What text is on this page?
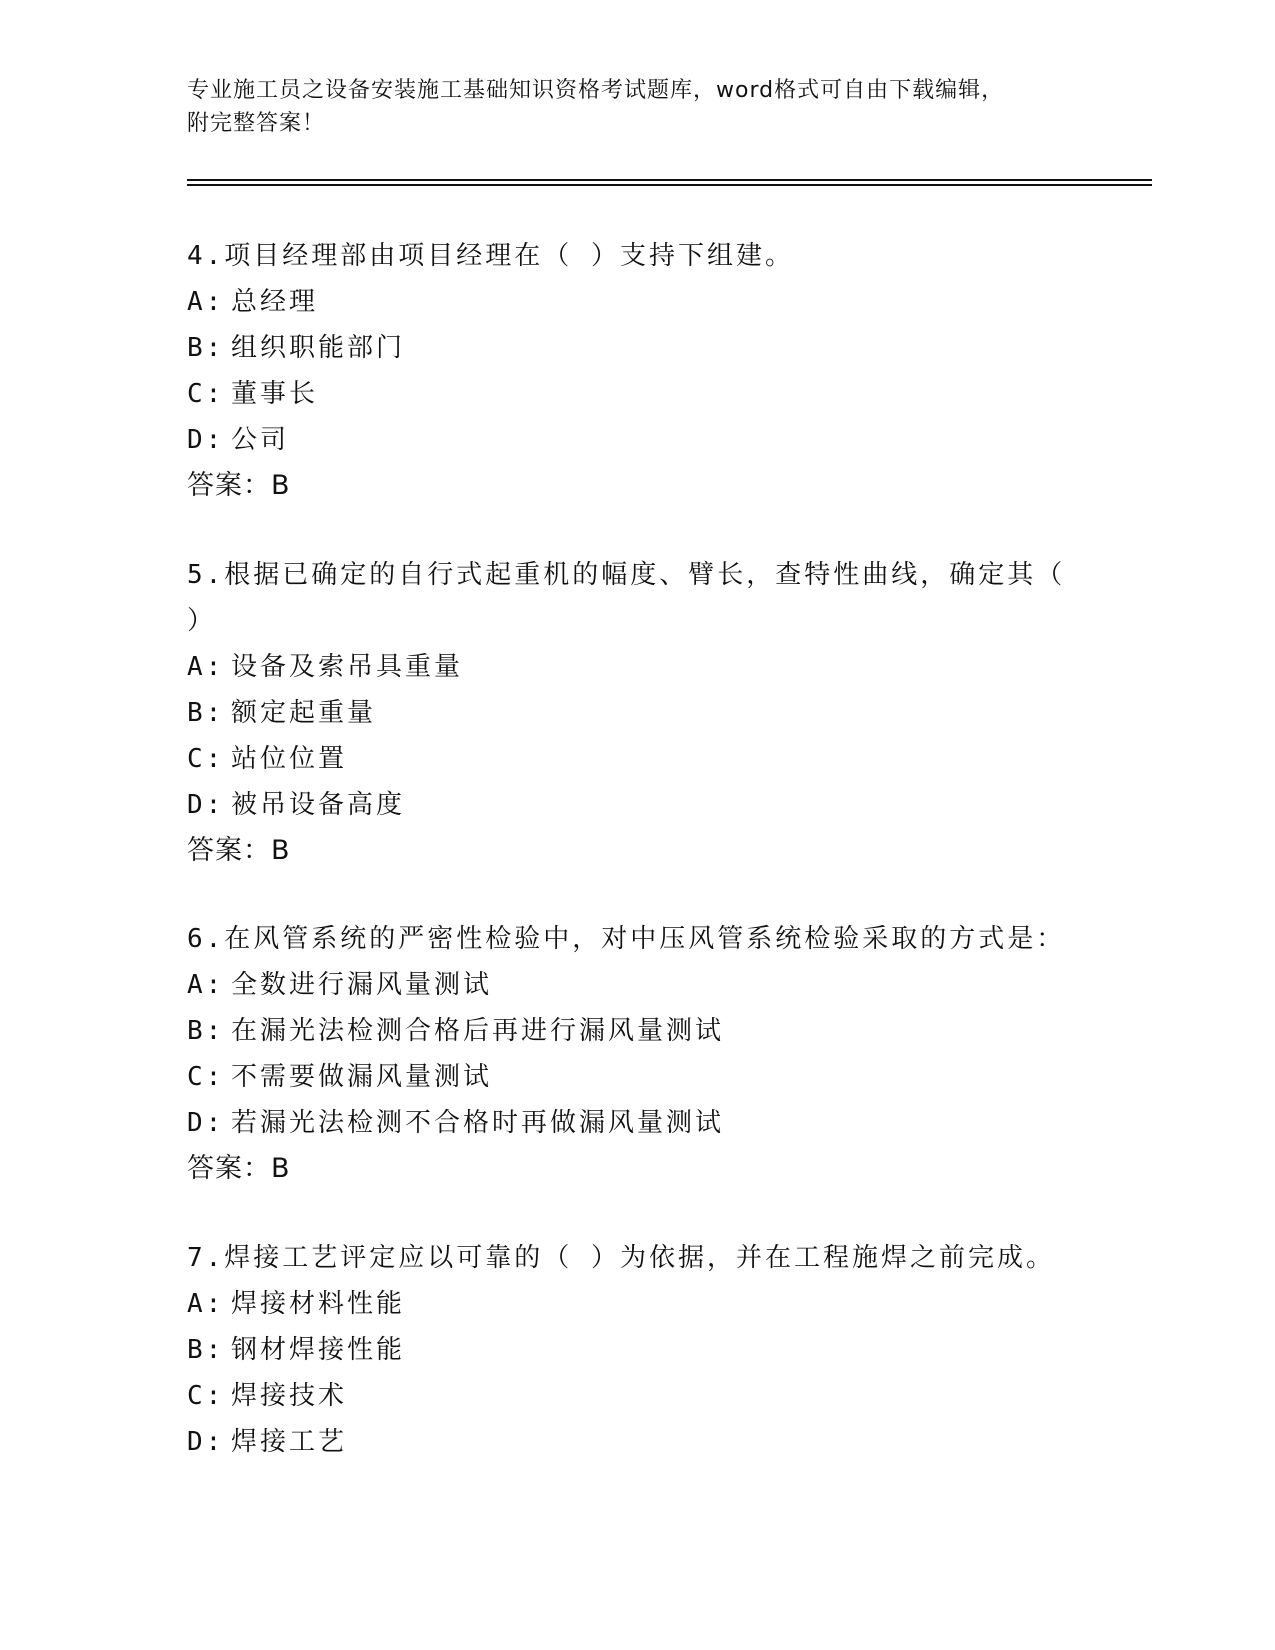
专业施工员之设备安装施工基础知识资格考试题库，word格式可自由下载编辑，
附完整答案！
4.项目经理部由项目经理在（ ）支持下组建。
A: 总经理
B: 组织职能部门
C: 董事长
D: 公司
答案：B
5.根据已确定的自行式起重机的幅度、臂长，查特性曲线，确定其（
）
A: 设备及索吊具重量
B: 额定起重量
C: 站位位置
D: 被吊设备高度
答案：B
6.在风管系统的严密性检验中，对中压风管系统检验采取的方式是：
A: 全数进行漏风量测试
B: 在漏光法检测合格后再进行漏风量测试
C: 不需要做漏风量测试
D: 若漏光法检测不合格时再做漏风量测试
答案：B
7.焊接工艺评定应以可靠的（ ）为依据，并在工程施焊之前完成。
A: 焊接材料性能
B: 钢材焊接性能
C: 焊接技术
D: 焊接工艺
